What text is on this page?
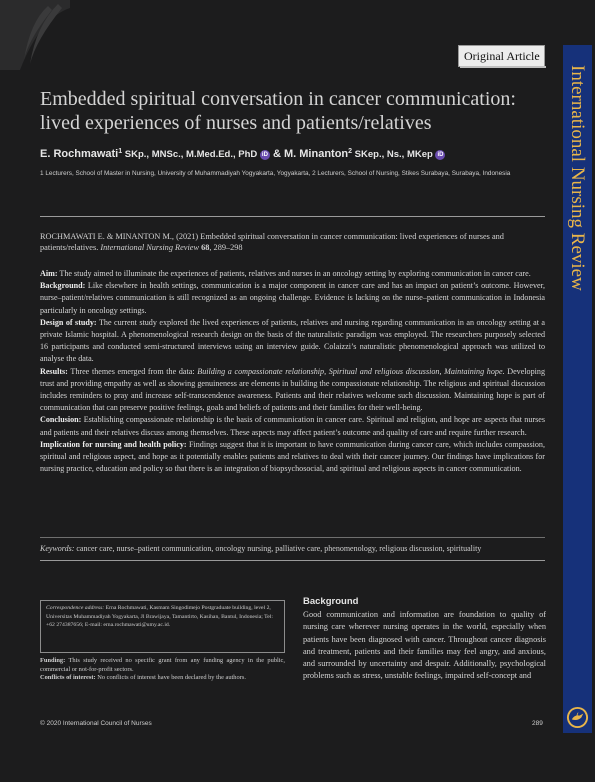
Original Article
International Nursing Review
Embedded spiritual conversation in cancer communication:
lived experiences of nurses and patients/relatives
E. Rochmawati$^1$ SKp., MNSc., M.Med.Ed., PhD iD & M. Minanton$^2$ SKep., Ns., MKep iD
1 Lecturers, School of Master in Nursing, University of Muhammadiyah Yogyakarta, Yogyakarta, 2 Lecturers, School of Nursing, Stikes Surabaya, Surabaya, Indonesia
ROCHMAWATI E. & MINANTON M., (2021) Embedded spiritual conversation in cancer communication: lived experiences of nurses and patients/relatives. International Nursing Review 68, 289–298

Aim: The study aimed to illuminate the experiences of patients, relatives and nurses in an oncology setting by exploring communication in cancer care.

Background: Like elsewhere in health settings, communication is a major component in cancer care and has an impact on patient’s outcome. However, nurse–patient/relatives communication is still recognized as an ongoing challenge. Evidence is lacking on the nurse–patient communication in Indonesia particularly in oncology settings.

Design of study: The current study explored the lived experiences of patients, relatives and nursing regarding communication in an oncology setting at a private Islamic hospital. A phenomenological research design on the basis of the naturalistic paradigm was employed. The researchers purposely selected 16 participants and conducted semi-structured interviews using an interview guide. Colaizzi’s naturalistic phenomenological approach was utilized to analyse the data.

Results: Three themes emerged from the data: Building a compassionate relationship, Spiritual and religious discussion, Maintaining hope. Developing trust and providing empathy as well as showing genuineness are elements in building the compassionate relationship. The religious and spiritual discussion includes reminders to pray and increase self-transcendence awareness. Patients and their relatives welcome such discussion. Maintaining hope is part of communication that can preserve positive feelings, goals and beliefs of patients and their families for their well-being.

Conclusion: Establishing compassionate relationship is the basis of communication in cancer care. Spiritual and religion, and hope are aspects that nurses and patients and their relatives discuss among themselves. These aspects may affect patient’s outcome and quality of care and require further research.

Implication for nursing and health policy: Findings suggest that it is important to have communication during cancer care, which includes compassion, spiritual and religious aspect, and hope as it potentially enables patients and relatives to deal with their cancer journey. Our findings have implications for nursing practice, education and policy so that there is an integration of biopsychosocial, and spiritual and religious aspects in cancer communication.

Keywords: cancer care, nurse–patient communication, oncology nursing, palliative care, phenomenology, religious discussion, spirituality
Correspondence address: Erna Rochmawati, Kasmam Singodimejo Postgraduate building, level 2, Universitas Muhammadiyah Yogyakarta, Jl Brawijaya, Tamantirto, Kasihan, Bantul, Indonesia; Tel: +62 274387656; E-mail: erna.rochmawati@umy.ac.id.

Funding: This study received no specific grant from any funding agency in the public, commercial or not-for-profit sectors.

Conflicts of interest: No conflicts of interest have been declared by the authors.

Background
Good communication and information are foundation to quality of nursing care wherever nursing operates in the world, especially when patients have been diagnosed with cancer. Throughout cancer diagnosis and treatment, patients and their families may feel angry, and anxious, and surrounded by uncertainty and despair. Additionally, psychological problems such as stress, unstable feelings, impaired self-concept and
© 2020 International Council of Nurses	289
